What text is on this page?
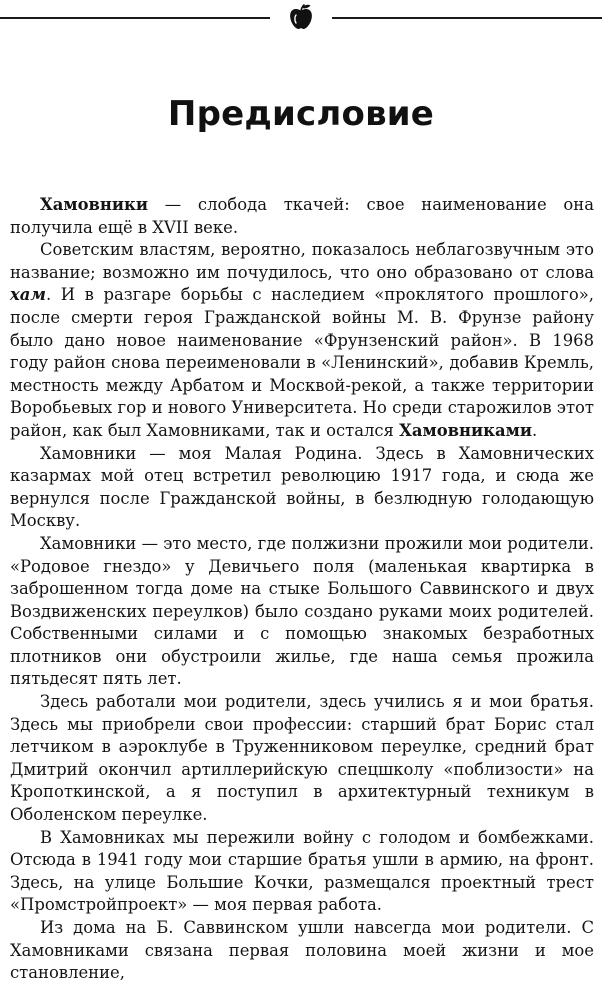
Предисловие

Хамовники — слобода ткачей: свое наименование она получила ещё в XVII веке.

Советским властям, вероятно, показалось неблагозвучным это название; возможно им почудилось, что оно образовано от слова хам. И в разгаре борьбы с наследием «проклятого прошлого», после смерти героя Гражданской войны М. В. Фрунзе району было дано новое наименование «Фрунзенский район». В 1968 году район снова переименовали в «Ленинский», добавив Кремль, местность между Арбатом и Москвой-рекой, а также территории Воробьевых гор и нового Университета. Но среди старожилов этот район, как был Хамовниками, так и остался Хамовниками.

Хамовники — моя Малая Родина. Здесь в Хамовнических казармах мой отец встретил революцию 1917 года, и сюда же вернулся после Гражданской войны, в безлюдную голодающую Москву.

Хамовники — это место, где полжизни прожили мои родители. «Родовое гнездо» у Девичьего поля (маленькая квартирка в заброшенном тогда доме на стыке Большого Саввинского и двух Воздвиженских переулков) было создано руками моих родителей. Собственными силами и с помощью знакомых безработных плотников они обустроили жилье, где наша семья прожила пятьдесят пять лет.

Здесь работали мои родители, здесь учились я и мои братья. Здесь мы приобрели свои профессии: старший брат Борис стал летчиком в аэроклубе в Труженниковом переулке, средний брат Дмитрий окончил артиллерийскую спецшколу «поблизости» на Кропоткинской, а я поступил в архитектурный техникум в Оболенском переулке.

В Хамовниках мы пережили войну с голодом и бомбежками. Отсюда в 1941 году мои старшие братья ушли в армию, на фронт. Здесь, на улице Большие Кочки, размещался проектный трест «Промстройпроект» — моя первая работа.

Из дома на Б. Саввинском ушли навсегда мои родители. С Хамовниками связана первая половина моей жизни и мое становление,
